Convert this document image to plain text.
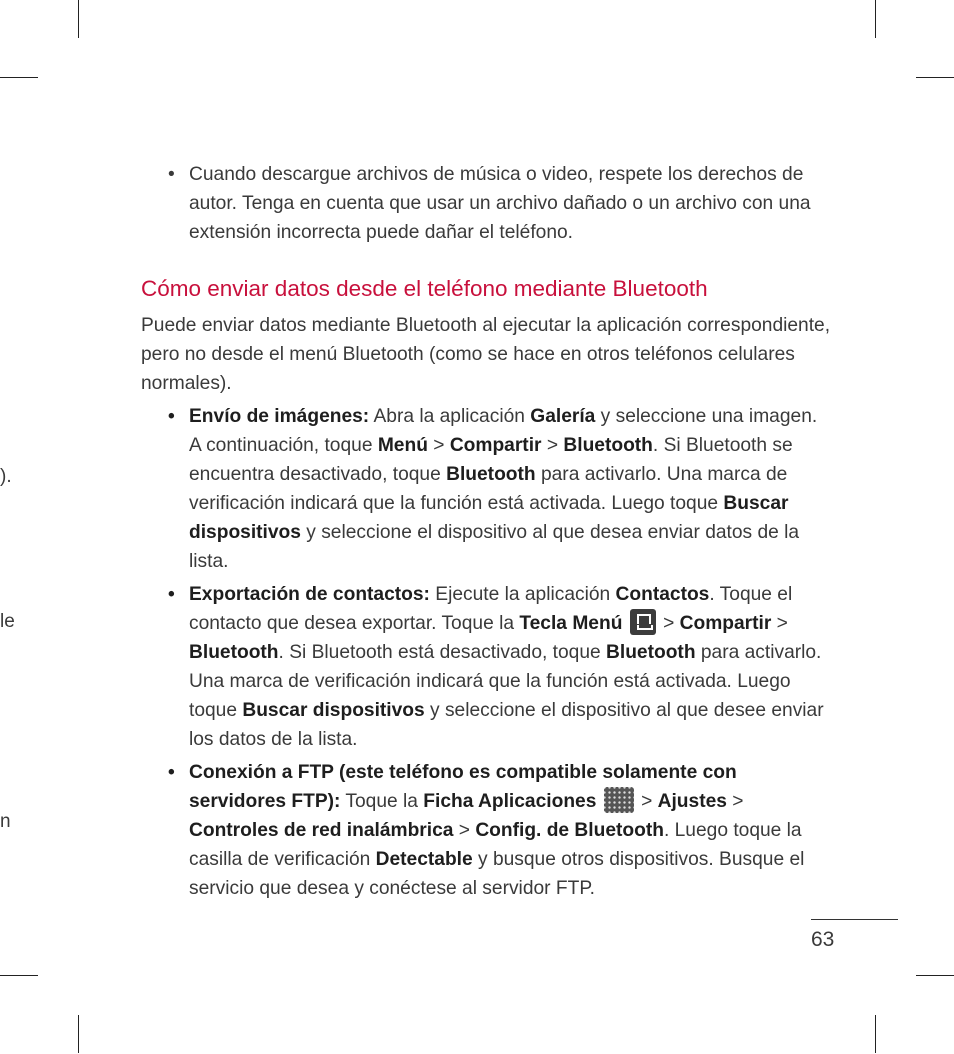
).
le
n
• Cuando descargue archivos de música o video, respete los derechos de autor. Tenga en cuenta que usar un archivo dañado o un archivo con una extensión incorrecta puede dañar el teléfono.
Cómo enviar datos desde el teléfono mediante Bluetooth
Puede enviar datos mediante Bluetooth al ejecutar la aplicación correspondiente, pero no desde el menú Bluetooth (como se hace en otros teléfonos celulares normales).
• Envío de imágenes: Abra la aplicación Galería y seleccione una imagen. A continuación, toque Menú > Compartir > Bluetooth. Si Bluetooth se encuentra desactivado, toque Bluetooth para activarlo. Una marca de verificación indicará que la función está activada. Luego toque Buscar dispositivos y seleccione el dispositivo al que desea enviar datos de la lista.
• Exportación de contactos: Ejecute la aplicación Contactos. Toque el contacto que desea exportar. Toque la Tecla Menú  > Compartir > Bluetooth. Si Bluetooth está desactivado, toque Bluetooth para activarlo. Una marca de verificación indicará que la función está activada. Luego toque Buscar dispositivos y seleccione el dispositivo al que desee enviar los datos de la lista.
• Conexión a FTP (este teléfono es compatible solamente con servidores FTP): Toque la Ficha Aplicaciones  > Ajustes > Controles de red inalámbrica > Config. de Bluetooth. Luego toque la casilla de verificación Detectable y busque otros dispositivos. Busque el servicio que desea y conéctese al servidor FTP.
63
